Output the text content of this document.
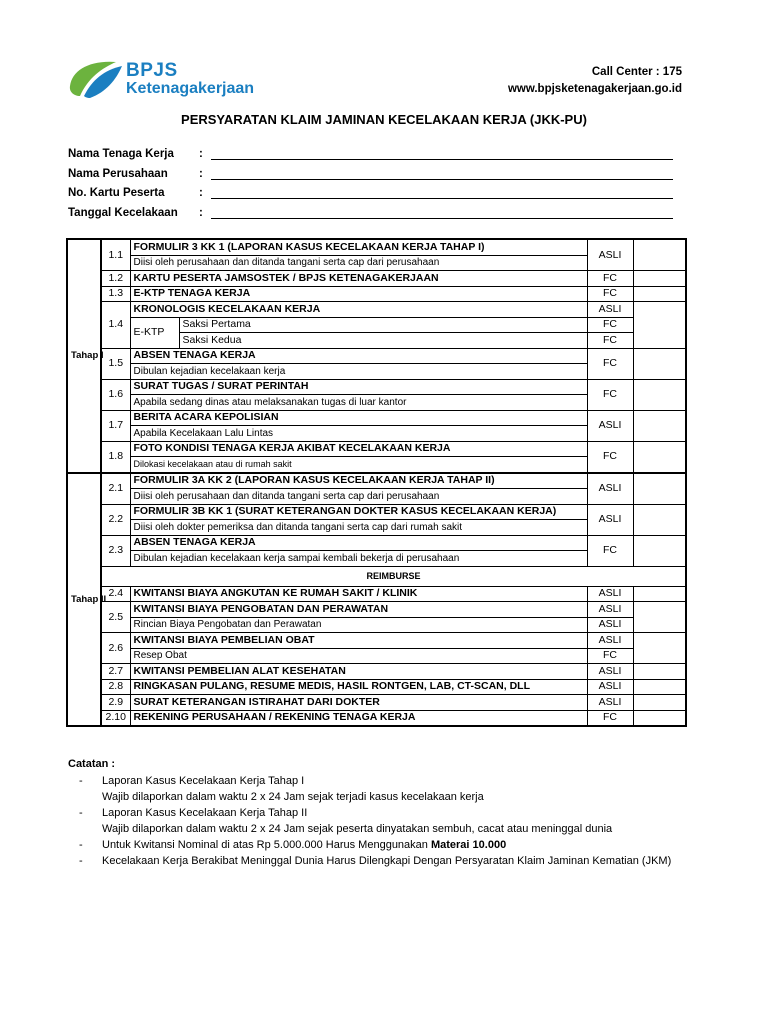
BPJS
Ketenagakerjaan
Call Center : 175
www.bpjsketenagakerjaan.go.id
PERSYARATAN KLAIM JAMINAN KECELAKAAN KERJA (JKK-PU)
Nama Tenaga Kerja :
Nama Perusahaan	:
No. Kartu Peserta	:
Tanggal Kecelakaan :
Tahap I	1.1	FORMULIR 3 KK 1 (LAPORAN KASUS KECELAKAAN KERJA TAHAP I)		ASLI	
		Diisi oleh perusahaan dan ditanda tangani serta cap dari perusahaan			
	1.2	KARTU PESERTA JAMSOSTEK / BPJS KETENAGAKERJAAN		FC	
	1.3	E-KTP TENAGA KERJA		FC	
	1.4	KRONOLOGIS KECELAKAAN KERJA		ASLI	
		E-KTP	Saksi Pertama	FC	
			Saksi Kedua	FC	
	1.5	ABSEN TENAGA KERJA		FC	
		Dibulan kejadian kecelakaan kerja			
	1.6	SURAT TUGAS / SURAT PERINTAH		FC	
		Apabila sedang dinas atau melaksanakan tugas di luar kantor			
	1.7	BERITA ACARA KEPOLISIAN		ASLI	
		Apabila Kecelakaan Lalu Lintas			
	1.8	FOTO KONDISI TENAGA KERJA AKIBAT KECELAKAAN KERJA		FC	
		Dilokasi kecelakaan atau di rumah sakit			
Tahap II	2.1	FORMULIR 3A KK 2 (LAPORAN KASUS KECELAKAAN KERJA TAHAP II)		ASLI	
		Diisi oleh perusahaan dan ditanda tangani serta cap dari perusahaan			
	2.2	FORMULIR 3B KK 1 (SURAT KETERANGAN DOKTER KASUS KECELAKAAN KERJA)		ASLI	
		Diisi oleh dokter pemeriksa dan ditanda tangani serta cap dari rumah sakit			
	2.3	ABSEN TENAGA KERJA		FC	
		Dibulan kejadian kecelakaan kerja sampai kembali bekerja di perusahaan			
	REIMBURSE				
	2.4	KWITANSI BIAYA ANGKUTAN KE RUMAH SAKIT / KLINIK		ASLI	
	2.5	KWITANSI BIAYA PENGOBATAN DAN PERAWATAN		ASLI	
		Rincian Biaya Pengobatan dan Perawatan		ASLI	
	2.6	KWITANSI BIAYA PEMBELIAN OBAT		ASLI	
		Resep Obat		FC	
	2.7	KWITANSI PEMBELIAN ALAT KESEHATAN		ASLI	
	2.8	RINGKASAN PULANG, RESUME MEDIS, HASIL RONTGEN, LAB, CT-SCAN, DLL		ASLI	
	2.9	SURAT KETERANGAN ISTIRAHAT DARI DOKTER		ASLI	
	2.10	REKENING PERUSAHAAN / REKENING TENAGA KERJA		FC	
Catatan :
- Laporan Kasus Kecelakaan Kerja Tahap I
Wajib dilaporkan dalam waktu 2 x 24 Jam sejak terjadi kasus kecelakaan kerja
- Laporan Kasus Kecelakaan Kerja Tahap II
Wajib dilaporkan dalam waktu 2 x 24 Jam sejak peserta dinyatakan sembuh, cacat atau meninggal dunia
- Untuk Kwitansi Nominal di atas Rp 5.000.000 Harus Menggunakan Materai 10.000
- Kecelakaan Kerja Berakibat Meninggal Dunia Harus Dilengkapi Dengan Persyaratan Klaim Jaminan Kematian (JKM)
